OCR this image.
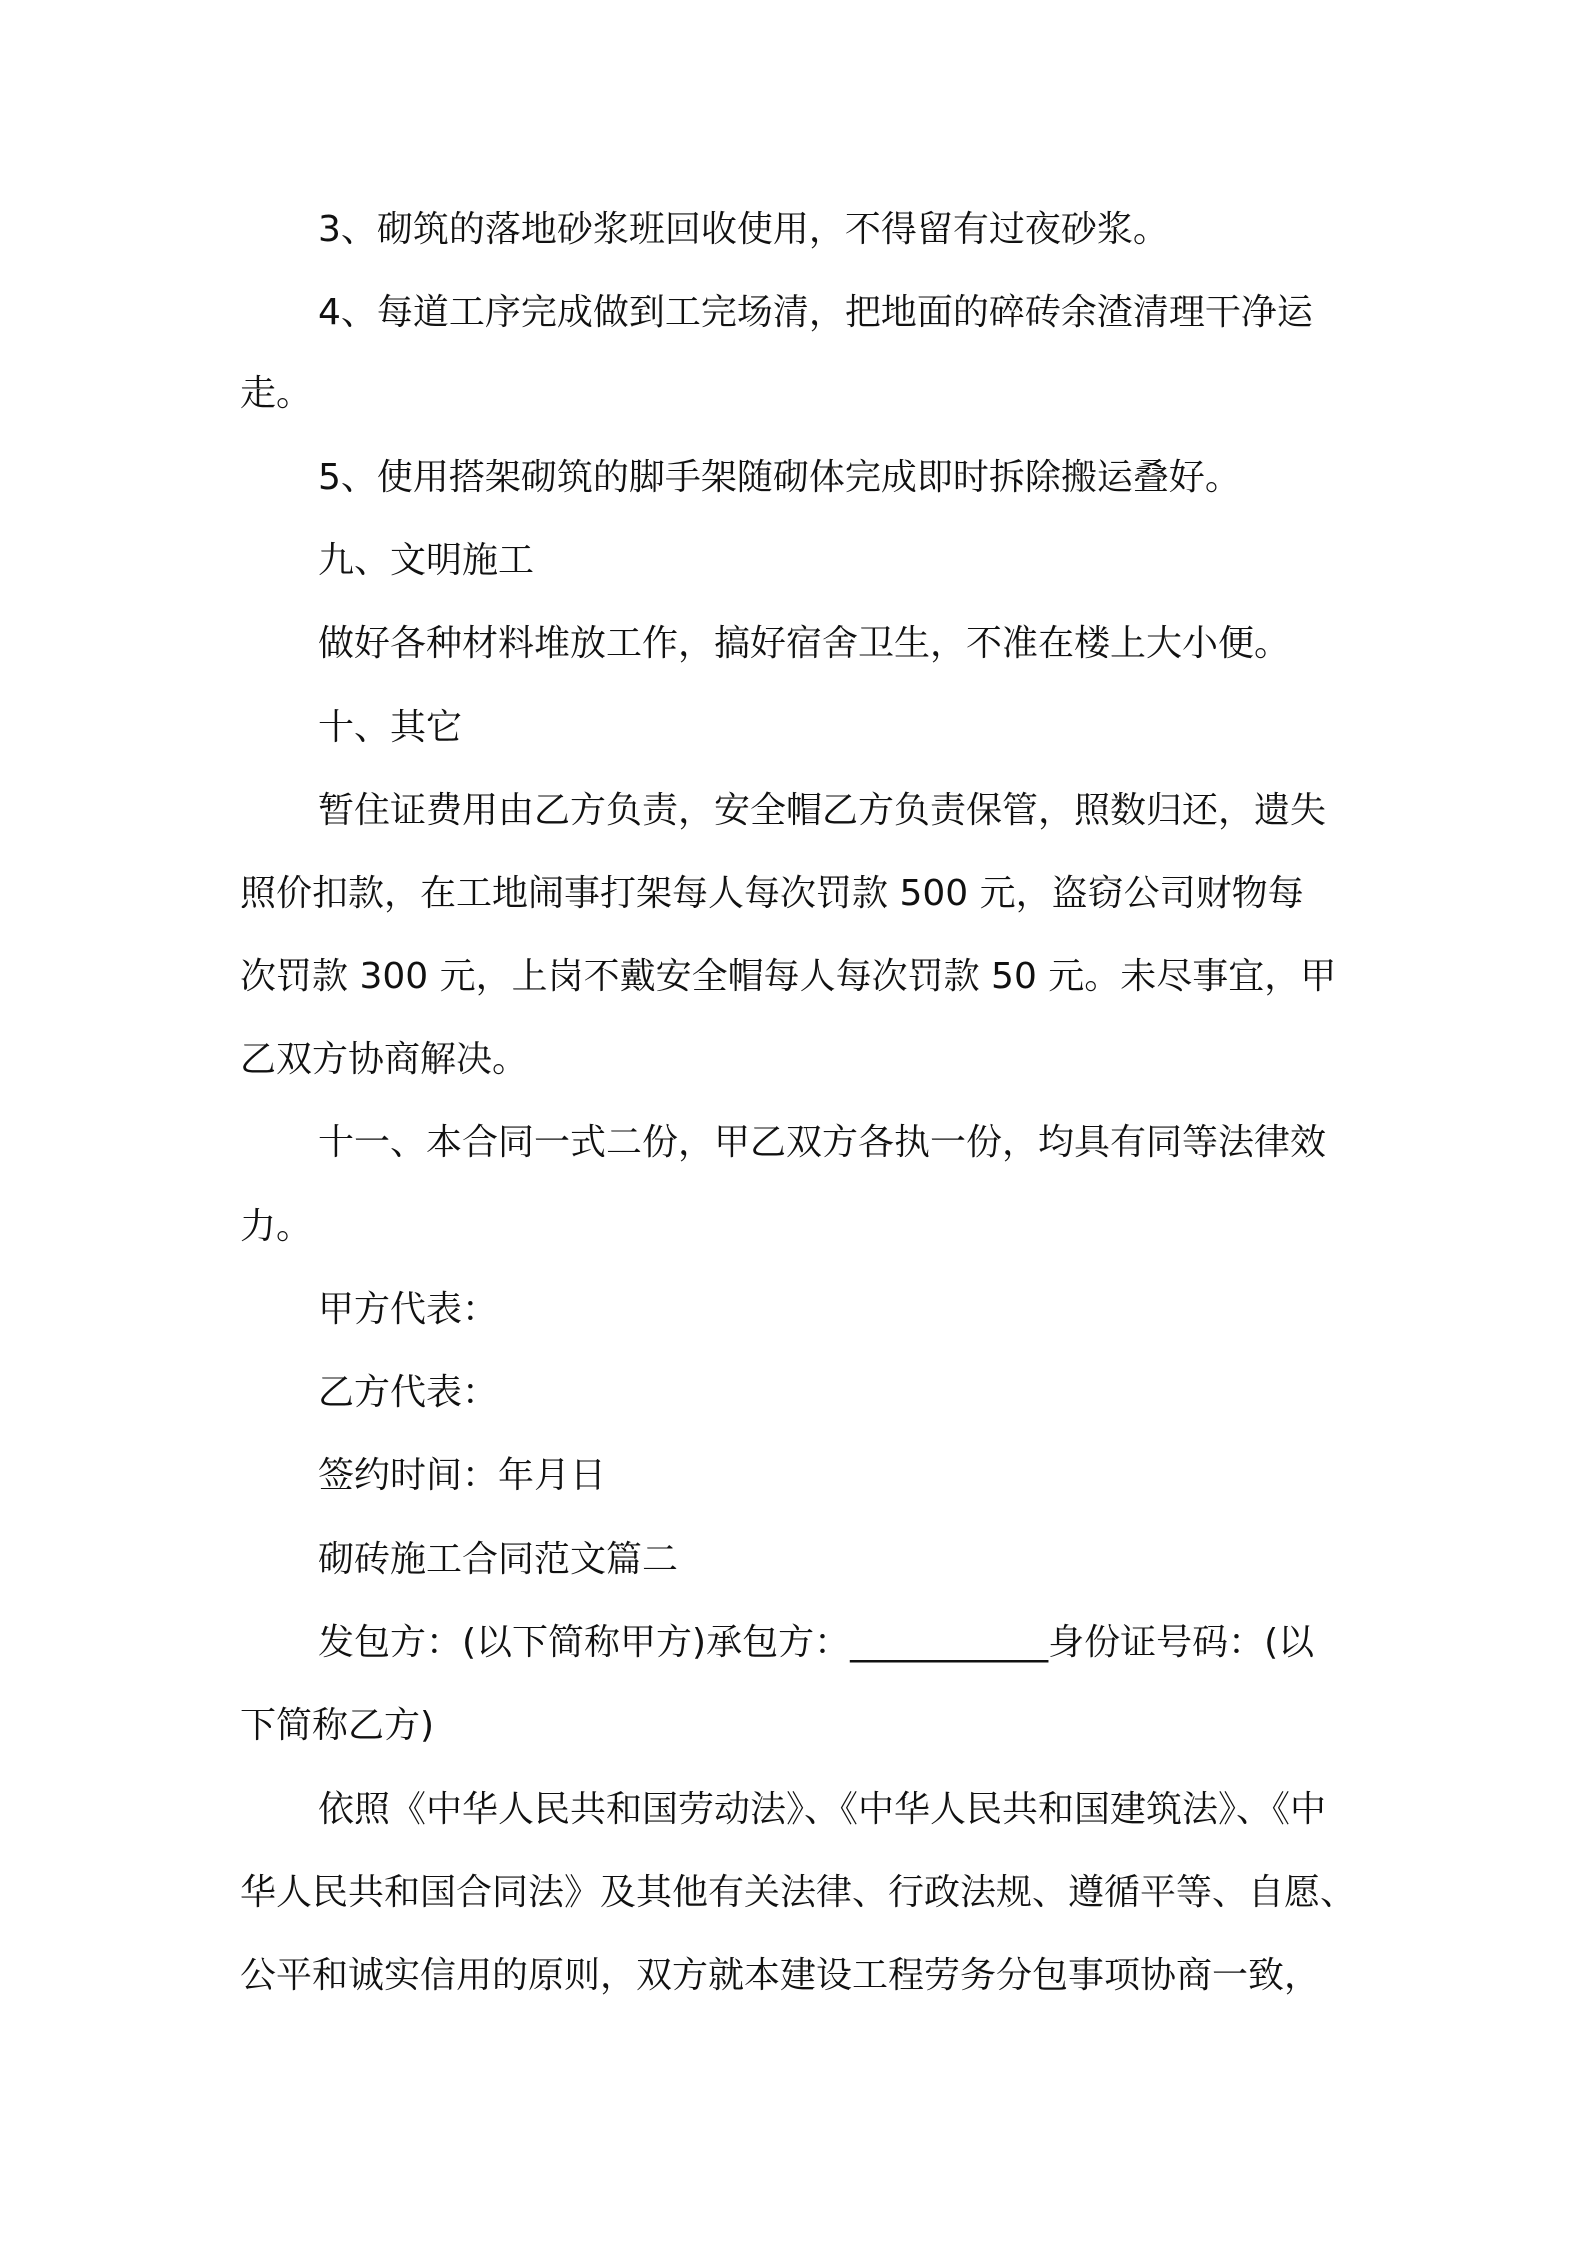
3、砌筑的落地砂浆班回收使用，不得留有过夜砂浆。
4、每道工序完成做到工完场清，把地面的碎砖余渣清理干净运
走。
5、使用搭架砌筑的脚手架随砌体完成即时拆除搬运叠好。
九、文明施工
做好各种材料堆放工作，搞好宿舍卫生，不准在楼上大小便。
十、其它
暂住证费用由乙方负责，安全帽乙方负责保管，照数归还，遗失
照价扣款，在工地闹事打架每人每次罚款 500 元，盗窃公司财物每
次罚款 300 元，上岗不戴安全帽每人每次罚款 50 元。未尽事宜，甲
乙双方协商解决。
十一、本合同一式二份，甲乙双方各执一份，均具有同等法律效
力。
甲方代表：
乙方代表：
签约时间：年月日
砌砖施工合同范文篇二
发包方：(以下简称甲方)承包方：___________身份证号码：(以
下简称乙方)
依照《中华人民共和国劳动法》、《中华人民共和国建筑法》、《中
华人民共和国合同法》及其他有关法律、行政法规、遵循平等、自愿、
公平和诚实信用的原则，双方就本建设工程劳务分包事项协商一致，
